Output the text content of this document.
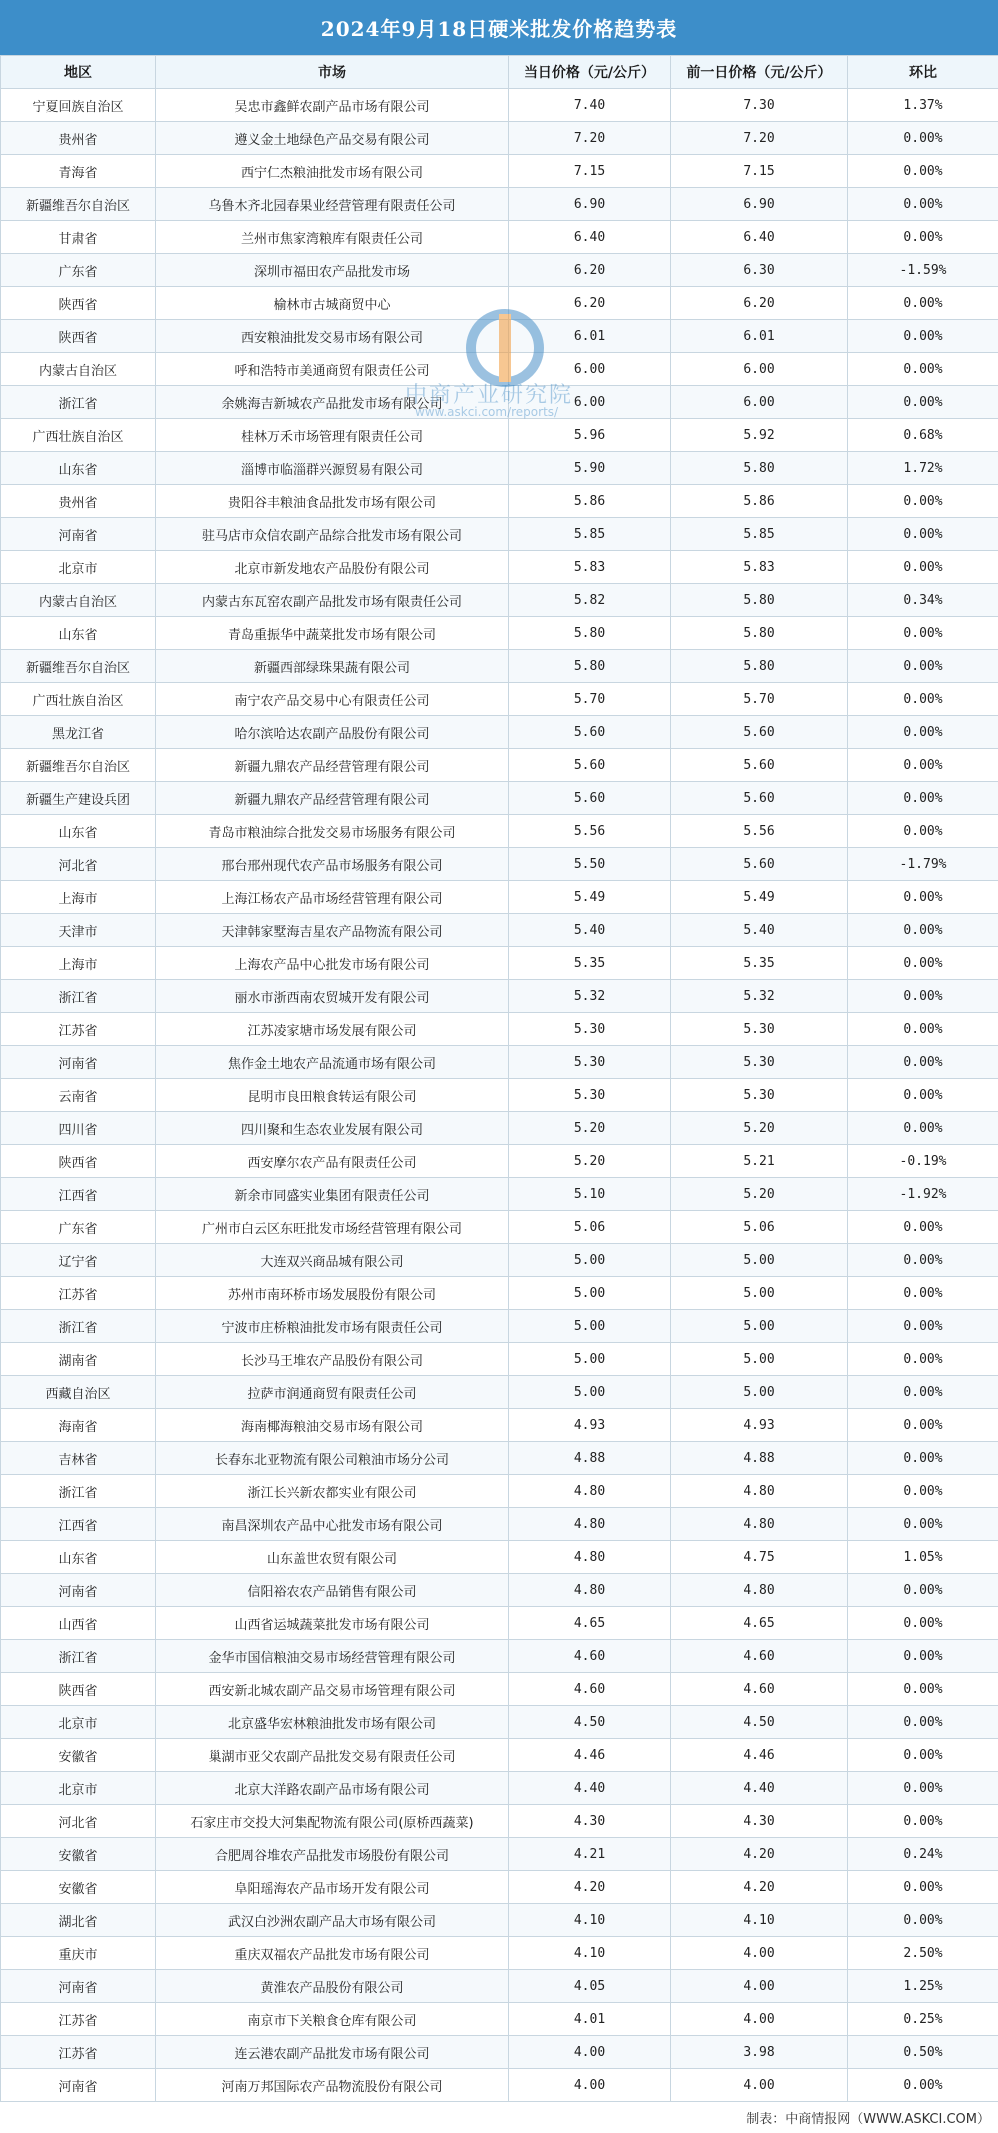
2024年9月18日硬米批发价格趋势表
地区	市场	当日价格（元/公斤）	前一日价格（元/公斤）	环比
宁夏回族自治区	吴忠市鑫鲜农副产品市场有限公司	7.40	7.30	1.37%
贵州省	遵义金土地绿色产品交易有限公司	7.20	7.20	0.00%
青海省	西宁仁杰粮油批发市场有限公司	7.15	7.15	0.00%
新疆维吾尔自治区	乌鲁木齐北园春果业经营管理有限责任公司	6.90	6.90	0.00%
甘肃省	兰州市焦家湾粮库有限责任公司	6.40	6.40	0.00%
广东省	深圳市福田农产品批发市场	6.20	6.30	-1.59%
陕西省	榆林市古城商贸中心	6.20	6.20	0.00%
陕西省	西安粮油批发交易市场有限公司	6.01	6.01	0.00%
内蒙古自治区	呼和浩特市美通商贸有限责任公司	6.00	6.00	0.00%
浙江省	余姚海吉新城农产品批发市场有限公司	6.00	6.00	0.00%
广西壮族自治区	桂林万禾市场管理有限责任公司	5.96	5.92	0.68%
山东省	淄博市临淄群兴源贸易有限公司	5.90	5.80	1.72%
贵州省	贵阳谷丰粮油食品批发市场有限公司	5.86	5.86	0.00%
河南省	驻马店市众信农副产品综合批发市场有限公司	5.85	5.85	0.00%
北京市	北京市新发地农产品股份有限公司	5.83	5.83	0.00%
内蒙古自治区	内蒙古东瓦窑农副产品批发市场有限责任公司	5.82	5.80	0.34%
山东省	青岛重振华中蔬菜批发市场有限公司	5.80	5.80	0.00%
新疆维吾尔自治区	新疆西部绿珠果蔬有限公司	5.80	5.80	0.00%
广西壮族自治区	南宁农产品交易中心有限责任公司	5.70	5.70	0.00%
黑龙江省	哈尔滨哈达农副产品股份有限公司	5.60	5.60	0.00%
新疆维吾尔自治区	新疆九鼎农产品经营管理有限公司	5.60	5.60	0.00%
新疆生产建设兵团	新疆九鼎农产品经营管理有限公司	5.60	5.60	0.00%
山东省	青岛市粮油综合批发交易市场服务有限公司	5.56	5.56	0.00%
河北省	邢台邢州现代农产品市场服务有限公司	5.50	5.60	-1.79%
上海市	上海江杨农产品市场经营管理有限公司	5.49	5.49	0.00%
天津市	天津韩家墅海吉星农产品物流有限公司	5.40	5.40	0.00%
上海市	上海农产品中心批发市场有限公司	5.35	5.35	0.00%
浙江省	丽水市浙西南农贸城开发有限公司	5.32	5.32	0.00%
江苏省	江苏凌家塘市场发展有限公司	5.30	5.30	0.00%
河南省	焦作金土地农产品流通市场有限公司	5.30	5.30	0.00%
云南省	昆明市良田粮食转运有限公司	5.30	5.30	0.00%
四川省	四川聚和生态农业发展有限公司	5.20	5.20	0.00%
陕西省	西安摩尔农产品有限责任公司	5.20	5.21	-0.19%
江西省	新余市同盛实业集团有限责任公司	5.10	5.20	-1.92%
广东省	广州市白云区东旺批发市场经营管理有限公司	5.06	5.06	0.00%
辽宁省	大连双兴商品城有限公司	5.00	5.00	0.00%
江苏省	苏州市南环桥市场发展股份有限公司	5.00	5.00	0.00%
浙江省	宁波市庄桥粮油批发市场有限责任公司	5.00	5.00	0.00%
湖南省	长沙马王堆农产品股份有限公司	5.00	5.00	0.00%
西藏自治区	拉萨市润通商贸有限责任公司	5.00	5.00	0.00%
海南省	海南椰海粮油交易市场有限公司	4.93	4.93	0.00%
吉林省	长春东北亚物流有限公司粮油市场分公司	4.88	4.88	0.00%
浙江省	浙江长兴新农都实业有限公司	4.80	4.80	0.00%
江西省	南昌深圳农产品中心批发市场有限公司	4.80	4.80	0.00%
山东省	山东盖世农贸有限公司	4.80	4.75	1.05%
河南省	信阳裕农农产品销售有限公司	4.80	4.80	0.00%
山西省	山西省运城蔬菜批发市场有限公司	4.65	4.65	0.00%
浙江省	金华市国信粮油交易市场经营管理有限公司	4.60	4.60	0.00%
陕西省	西安新北城农副产品交易市场管理有限公司	4.60	4.60	0.00%
北京市	北京盛华宏林粮油批发市场有限公司	4.50	4.50	0.00%
安徽省	巢湖市亚父农副产品批发交易有限责任公司	4.46	4.46	0.00%
北京市	北京大洋路农副产品市场有限公司	4.40	4.40	0.00%
河北省	石家庄市交投大河集配物流有限公司(原桥西蔬菜)	4.30	4.30	0.00%
安徽省	合肥周谷堆农产品批发市场股份有限公司	4.21	4.20	0.24%
安徽省	阜阳瑶海农产品市场开发有限公司	4.20	4.20	0.00%
湖北省	武汉白沙洲农副产品大市场有限公司	4.10	4.10	0.00%
重庆市	重庆双福农产品批发市场有限公司	4.10	4.00	2.50%
河南省	黄淮农产品股份有限公司	4.05	4.00	1.25%
江苏省	南京市下关粮食仓库有限公司	4.01	4.00	0.25%
江苏省	连云港农副产品批发市场有限公司	4.00	3.98	0.50%
河南省	河南万邦国际农产品物流股份有限公司	4.00	4.00	0.00%
中商产业研究院
www.askci.com/reports/
制表：中商情报网（WWW.ASKCI.COM）
